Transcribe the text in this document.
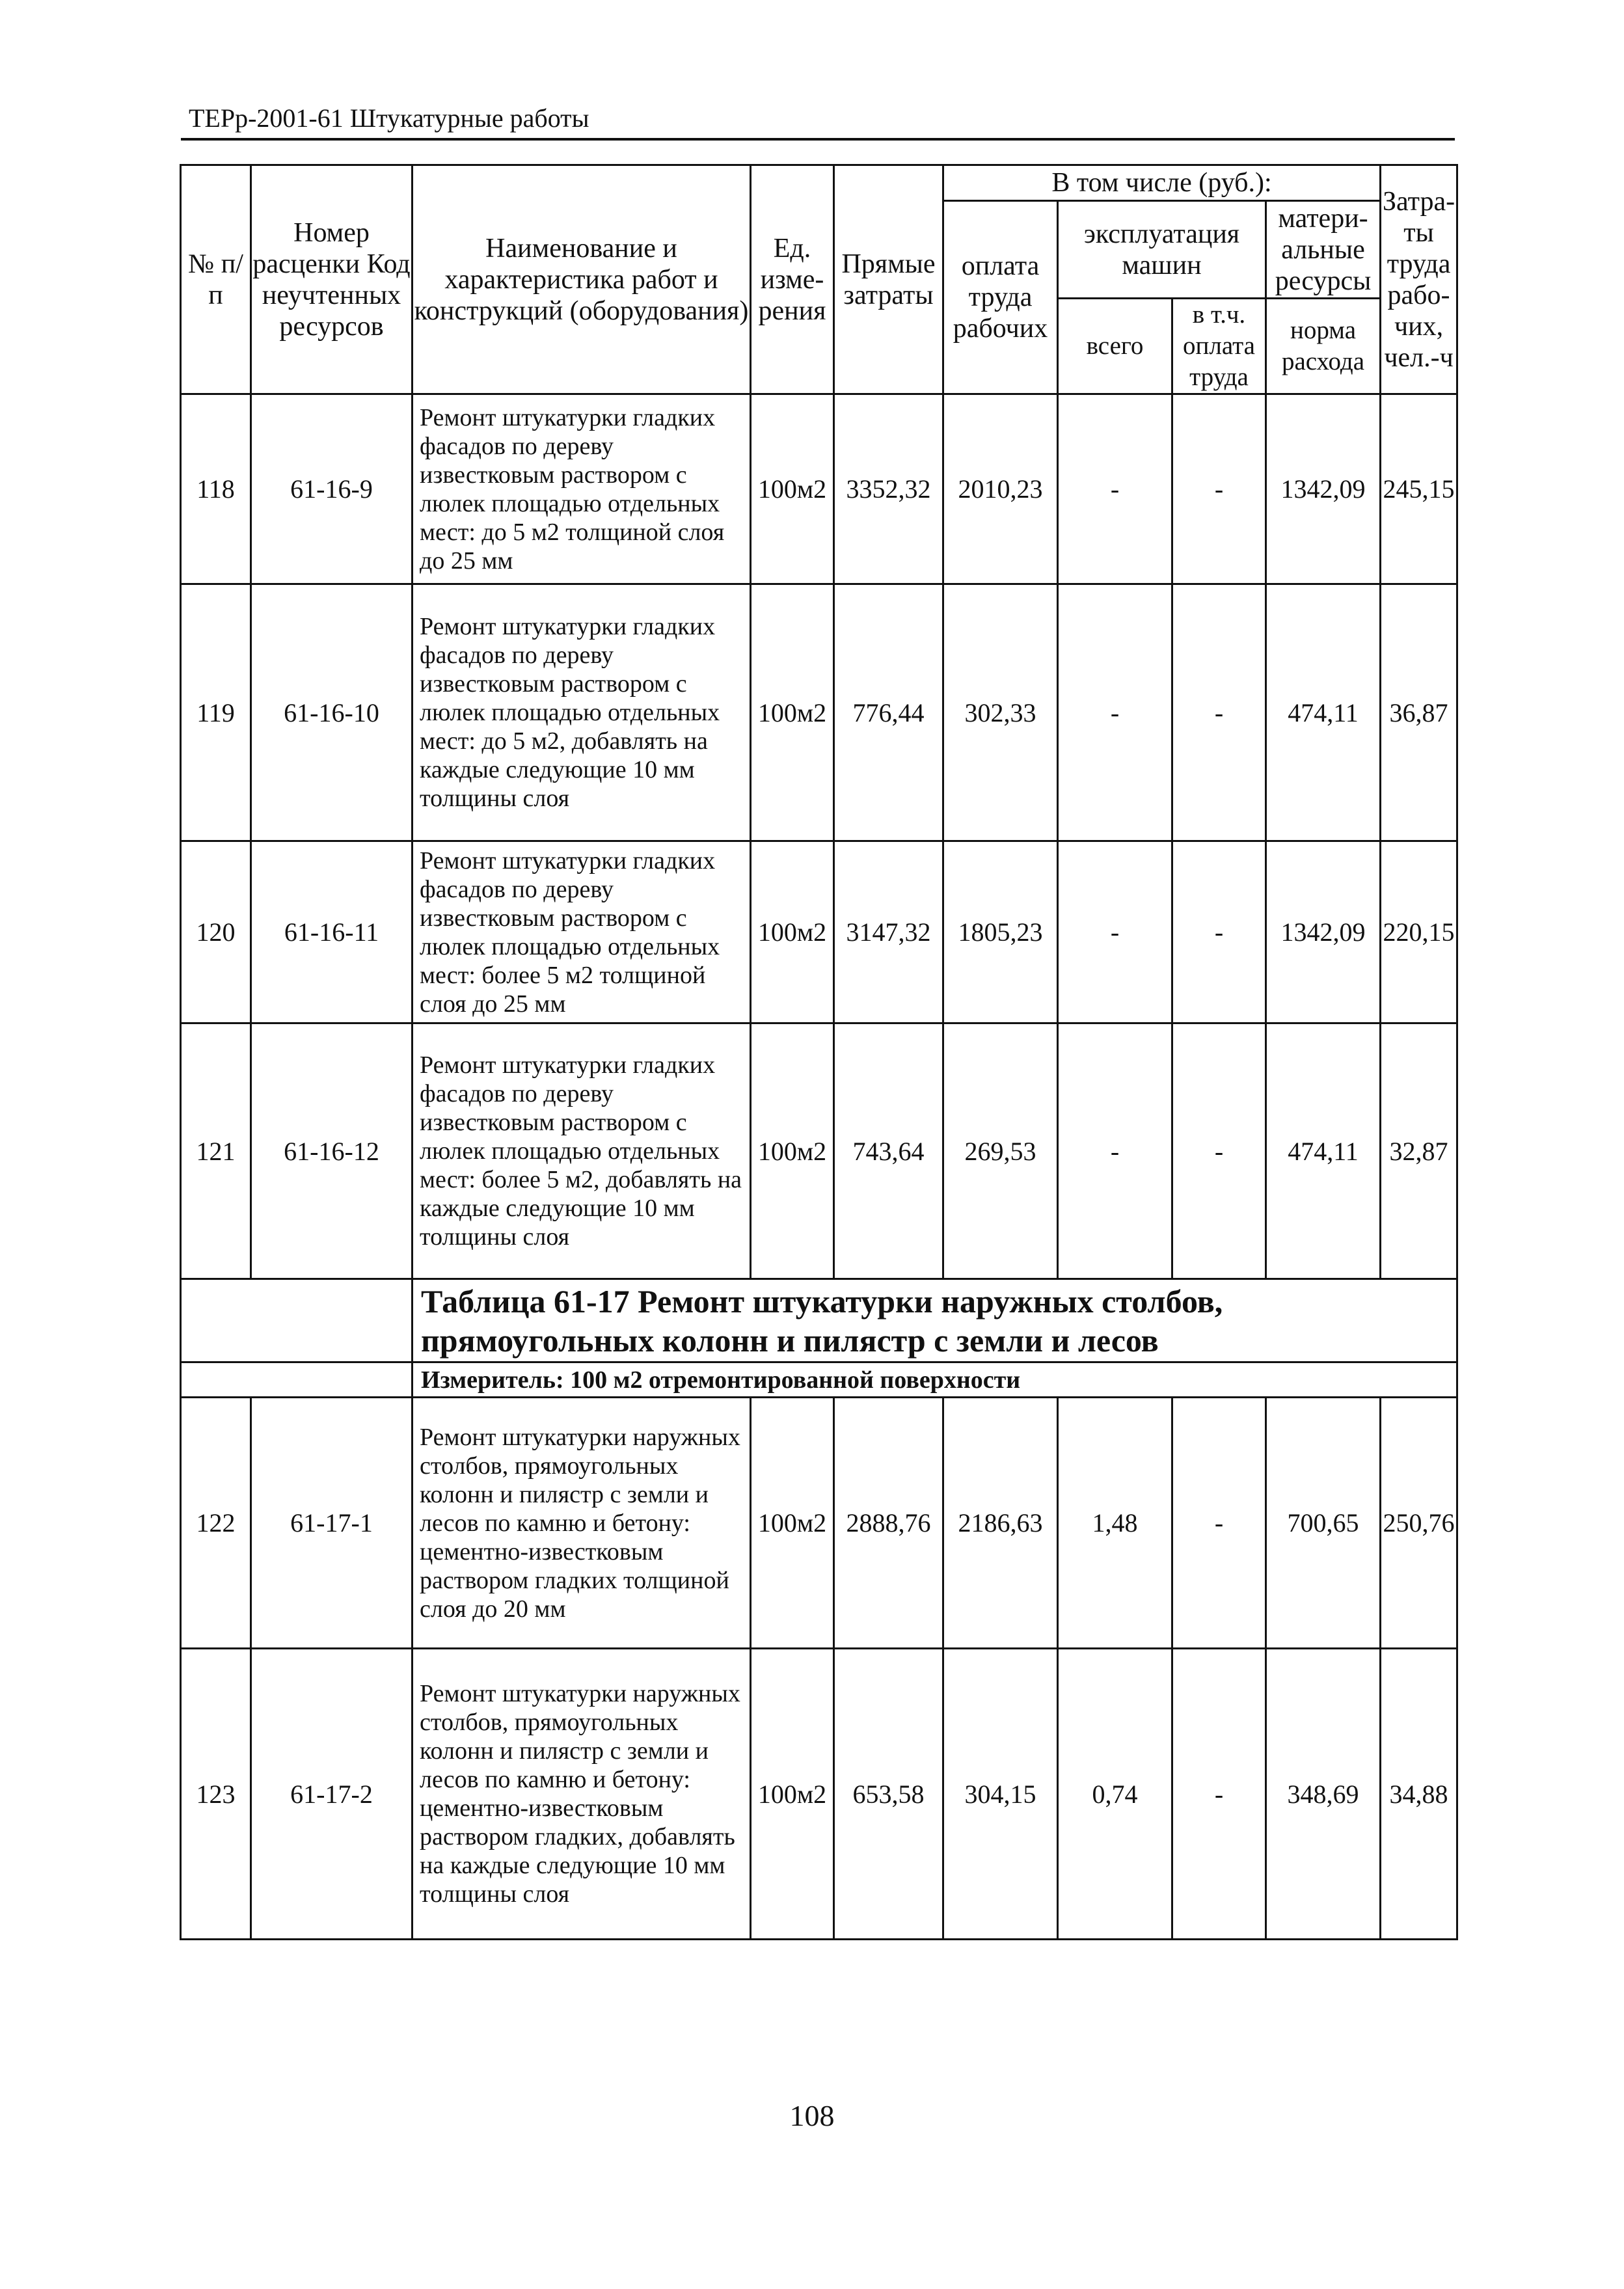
ТЕРр-2001-61 Штукатурные работы
№ п/п	Номер расценки Код неучтенных ресурсов	Наименование и характеристика работ и конструкций (оборудования)	Ед. изме-рения	Прямые затраты	В том числе (руб.):				Затра-ты труда рабо-чих, чел.-ч
					оплата труда рабочих	эксплуатация машин		матери-альные ресурсы	
						всего	в т.ч. оплата труда	норма расхода	

118	61-16-9	Ремонт штукатурки гладких фасадов по дереву известковым раствором с люлек площадью отдельных мест: до 5 м2 толщиной слоя до 25 мм	100м2	3352,32	2010,23	-	-	1342,09	245,15
119	61-16-10	Ремонт штукатурки гладких фасадов по дереву известковым раствором с люлек площадью отдельных мест: до 5 м2, добавлять на каждые следующие 10 мм толщины слоя	100м2	776,44	302,33	-	-	474,11	36,87
120	61-16-11	Ремонт штукатурки гладких фасадов по дереву известковым раствором с люлек площадью отдельных мест: более 5 м2 толщиной слоя до 25 мм	100м2	3147,32	1805,23	-	-	1342,09	220,15
121	61-16-12	Ремонт штукатурки гладких фасадов по дереву известковым раствором с люлек площадью отдельных мест: более 5 м2, добавлять на каждые следующие 10 мм толщины слоя	100м2	743,64	269,53	-	-	474,11	32,87
		Таблица 61-17 Ремонт штукатурки наружных столбов, прямоугольных колонн и пилястр с земли и лесов							
		Измеритель: 100 м2 отремонтированной поверхности							
122	61-17-1	Ремонт штукатурки наружных столбов, прямоугольных колонн и пилястр с земли и лесов по камню и бетону: цементно-известковым раствором гладких толщиной слоя до 20 мм	100м2	2888,76	2186,63	1,48	-	700,65	250,76
123	61-17-2	Ремонт штукатурки наружных столбов, прямоугольных колонн и пилястр с земли и лесов по камню и бетону: цементно-известковым раствором гладких, добавлять на каждые следующие 10 мм толщины слоя	100м2	653,58	304,15	0,74	-	348,69	34,88
108
